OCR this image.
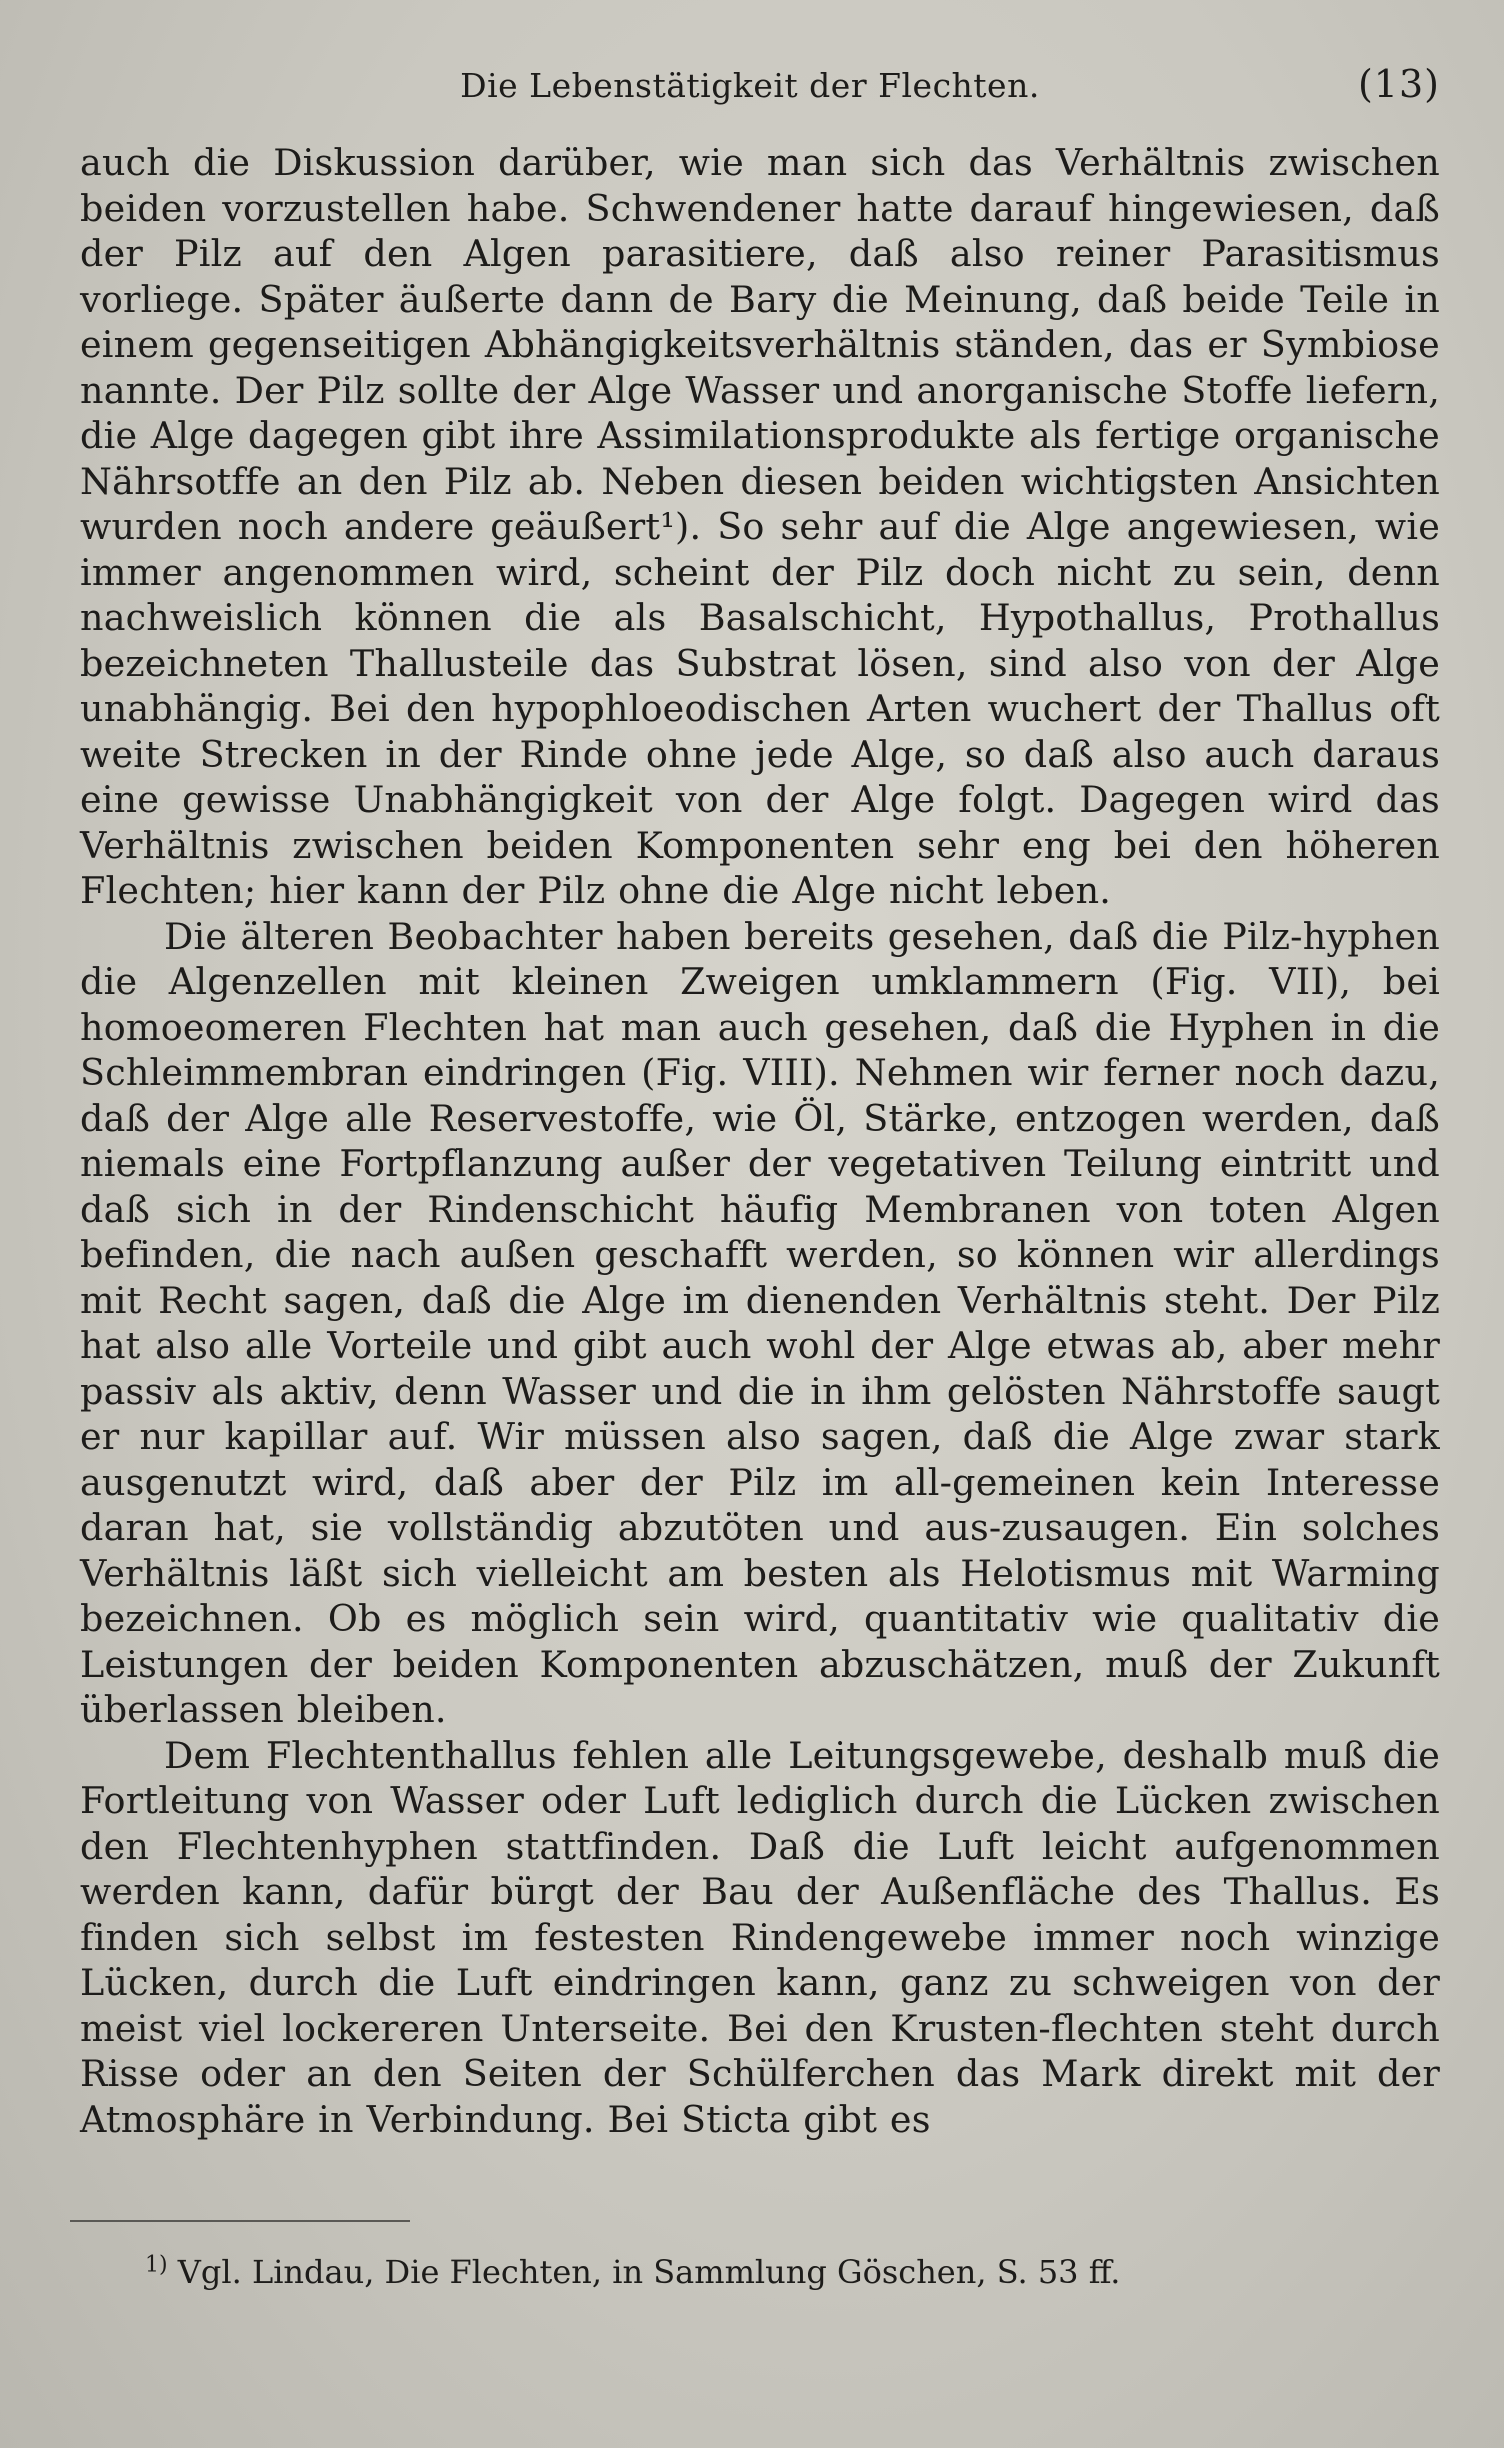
Die Lebenstätigkeit der Flechten.	(13)

auch die Diskussion darüber, wie man sich das Verhältnis zwischen beiden vorzustellen habe. Schwendener hatte darauf hingewiesen, daß der Pilz auf den Algen parasitiere, daß also reiner Parasitismus vorliege. Später äußerte dann de Bary die Meinung, daß beide Teile in einem gegenseitigen Abhängigkeitsverhältnis ständen, das er Symbiose nannte. Der Pilz sollte der Alge Wasser und anorganische Stoffe liefern, die Alge dagegen gibt ihre Assimilationsprodukte als fertige organische Nährsotffe an den Pilz ab. Neben diesen beiden wichtigsten Ansichten wurden noch andere geäußert¹). So sehr auf die Alge angewiesen, wie immer angenommen wird, scheint der Pilz doch nicht zu sein, denn nachweislich können die als Basalschicht, Hypothallus, Prothallus bezeichneten Thallusteile das Substrat lösen, sind also von der Alge unabhängig. Bei den hypophloeodischen Arten wuchert der Thallus oft weite Strecken in der Rinde ohne jede Alge, so daß also auch daraus eine gewisse Unabhängigkeit von der Alge folgt. Dagegen wird das Verhältnis zwischen beiden Komponenten sehr eng bei den höheren Flechten; hier kann der Pilz ohne die Alge nicht leben.

Die älteren Beobachter haben bereits gesehen, daß die Pilz-hyphen die Algenzellen mit kleinen Zweigen umklammern (Fig. VII), bei homoeomeren Flechten hat man auch gesehen, daß die Hyphen in die Schleimmembran eindringen (Fig. VIII). Nehmen wir ferner noch dazu, daß der Alge alle Reservestoffe, wie Öl, Stärke, entzogen werden, daß niemals eine Fortpflanzung außer der vegetativen Teilung eintritt und daß sich in der Rindenschicht häufig Membranen von toten Algen befinden, die nach außen geschafft werden, so können wir allerdings mit Recht sagen, daß die Alge im dienenden Verhältnis steht. Der Pilz hat also alle Vorteile und gibt auch wohl der Alge etwas ab, aber mehr passiv als aktiv, denn Wasser und die in ihm gelösten Nährstoffe saugt er nur kapillar auf. Wir müssen also sagen, daß die Alge zwar stark ausgenutzt wird, daß aber der Pilz im all-gemeinen kein Interesse daran hat, sie vollständig abzutöten und aus-zusaugen. Ein solches Verhältnis läßt sich vielleicht am besten als Helotismus mit Warming bezeichnen. Ob es möglich sein wird, quantitativ wie qualitativ die Leistungen der beiden Komponenten abzuschätzen, muß der Zukunft überlassen bleiben.

Dem Flechtenthallus fehlen alle Leitungsgewebe, deshalb muß die Fortleitung von Wasser oder Luft lediglich durch die Lücken zwischen den Flechtenhyphen stattfinden. Daß die Luft leicht aufgenommen werden kann, dafür bürgt der Bau der Außenfläche des Thallus. Es finden sich selbst im festesten Rindengewebe immer noch winzige Lücken, durch die Luft eindringen kann, ganz zu schweigen von der meist viel lockereren Unterseite. Bei den Krusten-flechten steht durch Risse oder an den Seiten der Schülferchen das Mark direkt mit der Atmosphäre in Verbindung. Bei Sticta gibt es

$^{1)}$ Vgl. Lindau, Die Flechten, in Sammlung Göschen, S. 53 ff.
